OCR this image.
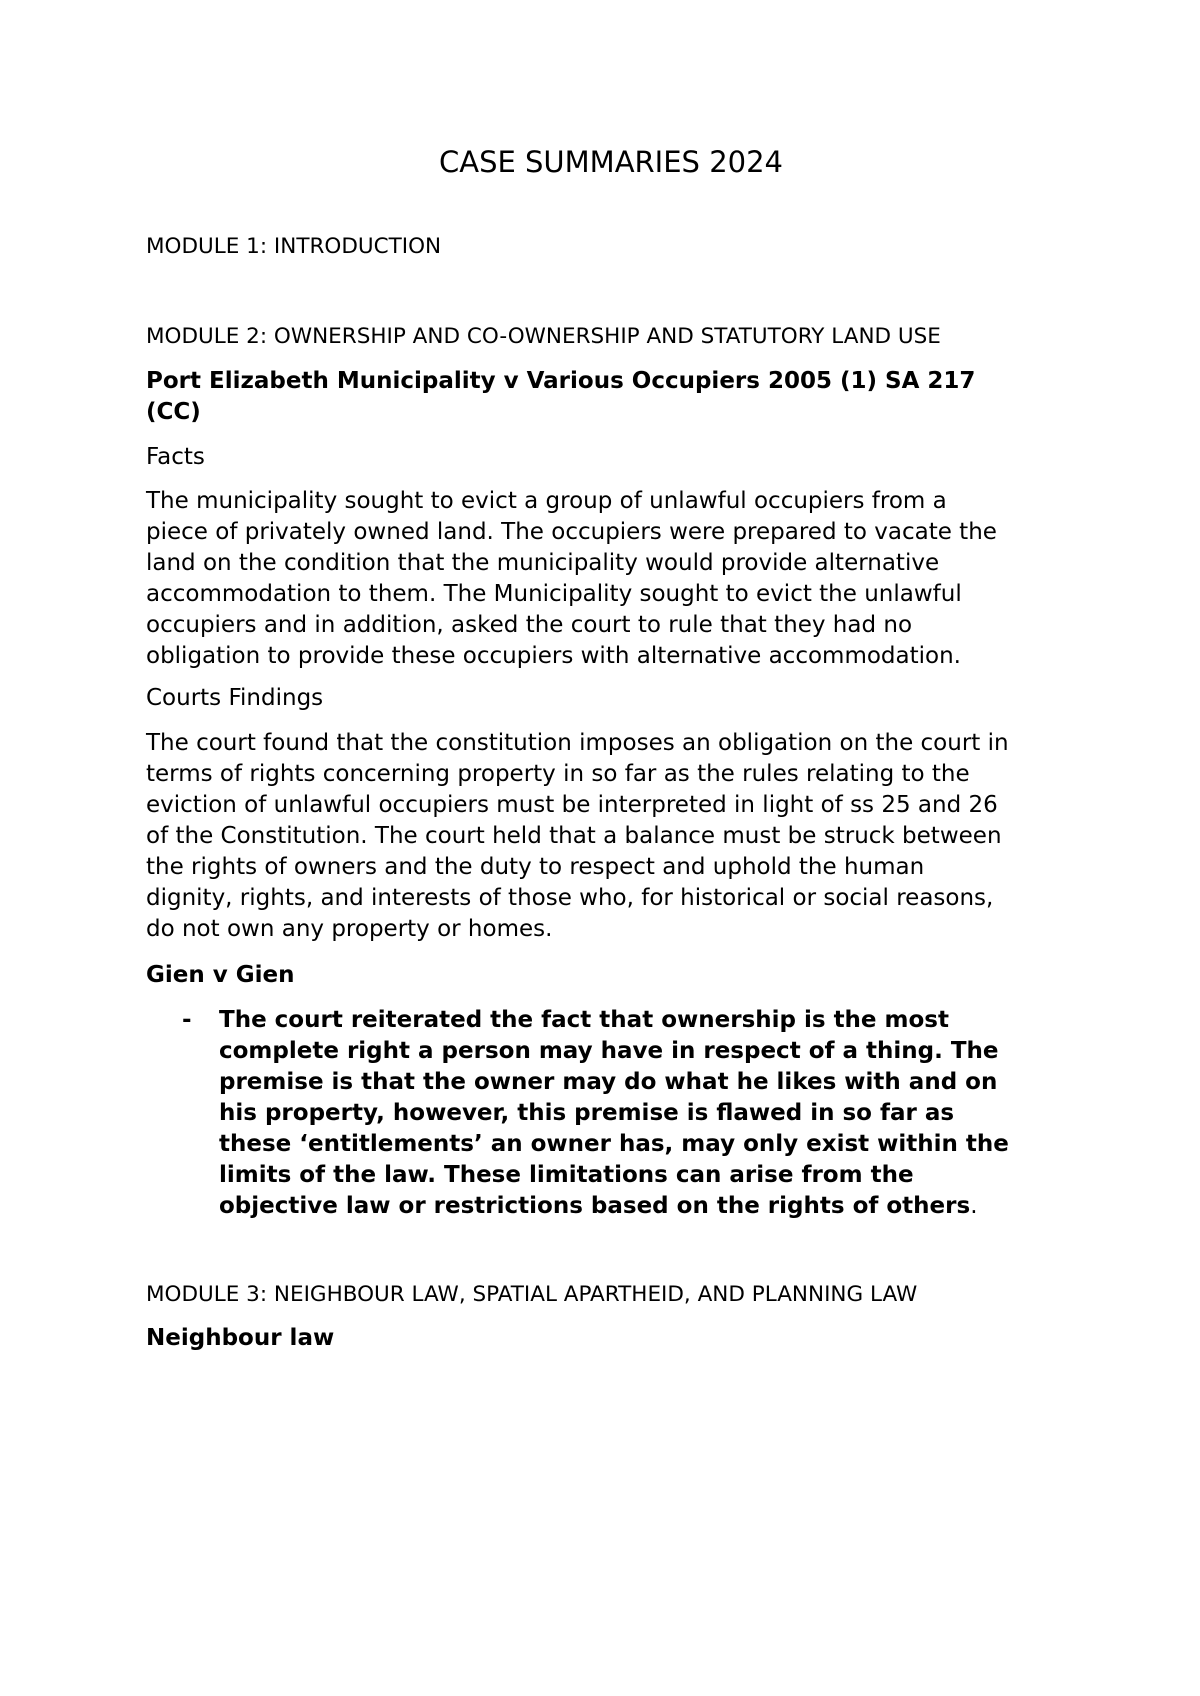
CASE SUMMARIES 2024
MODULE 1: INTRODUCTION
MODULE 2: OWNERSHIP AND CO-OWNERSHIP AND STATUTORY LAND USE
Port Elizabeth Municipality v Various Occupiers 2005 (1) SA 217
(CC)
Facts
The municipality sought to evict a group of unlawful occupiers from a
piece of privately owned land. The occupiers were prepared to vacate the
land on the condition that the municipality would provide alternative
accommodation to them. The Municipality sought to evict the unlawful
occupiers and in addition, asked the court to rule that they had no
obligation to provide these occupiers with alternative accommodation.
Courts Findings
The court found that the constitution imposes an obligation on the court in
terms of rights concerning property in so far as the rules relating to the
eviction of unlawful occupiers must be interpreted in light of ss 25 and 26
of the Constitution. The court held that a balance must be struck between
the rights of owners and the duty to respect and uphold the human
dignity, rights, and interests of those who, for historical or social reasons,
do not own any property or homes.
Gien v Gien
- The court reiterated the fact that ownership is the most
complete right a person may have in respect of a thing. The
premise is that the owner may do what he likes with and on
his property, however, this premise is flawed in so far as
these ‘entitlements’ an owner has, may only exist within the
limits of the law. These limitations can arise from the
objective law or restrictions based on the rights of others.
MODULE 3: NEIGHBOUR LAW, SPATIAL APARTHEID, AND PLANNING LAW
Neighbour law
